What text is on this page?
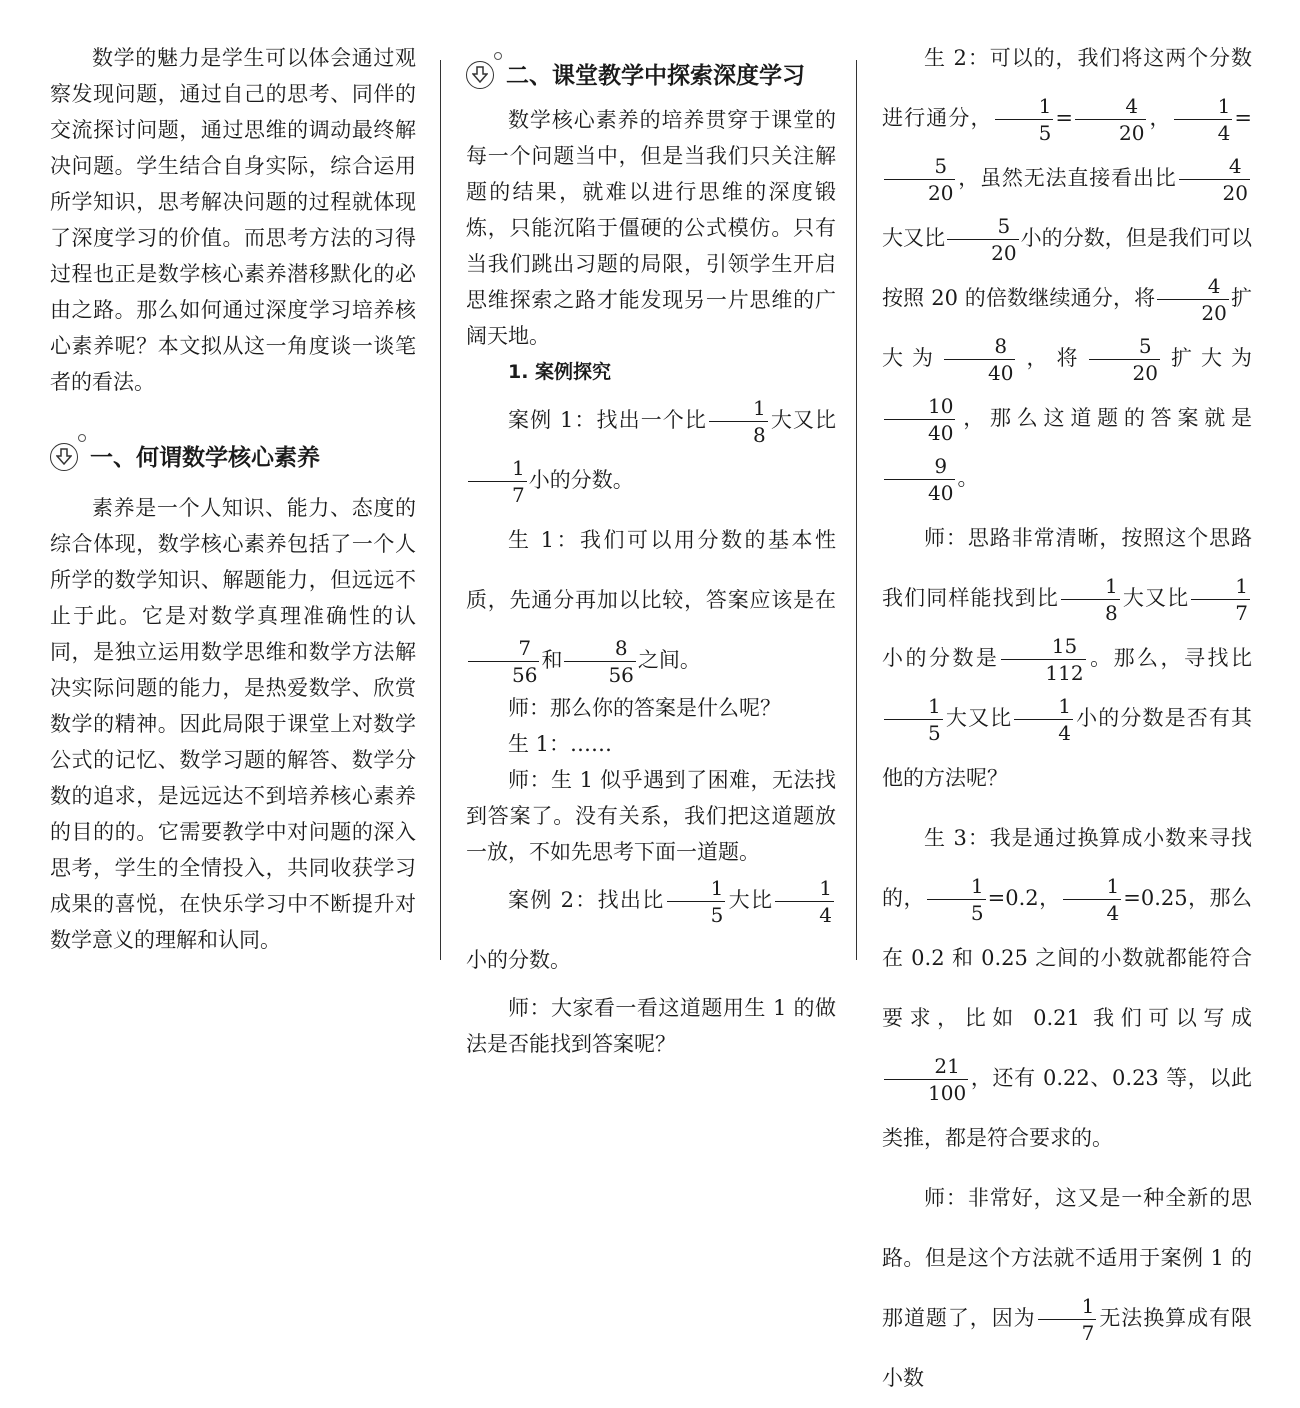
数学的魅力是学生可以体会通过观察发现问题，通过自己的思考、同伴的交流探讨问题，通过思维的调动最终解决问题。学生结合自身实际，综合运用所学知识，思考解决问题的过程就体现了深度学习的价值。而思考方法的习得过程也正是数学核心素养潜移默化的必由之路。那么如何通过深度学习培养核心素养呢？本文拟从这一角度谈一谈笔者的看法。

一、何谓数学核心素养

素养是一个人知识、能力、态度的综合体现，数学核心素养包括了一个人所学的数学知识、解题能力，但远远不止于此。它是对数学真理准确性的认同，是独立运用数学思维和数学方法解决实际问题的能力，是热爱数学、欣赏数学的精神。因此局限于课堂上对数学公式的记忆、数学习题的解答、数学分数的追求，是远远达不到培养核心素养的目的的。它需要教学中对问题的深入思考，学生的全情投入，共同收获学习成果的喜悦，在快乐学习中不断提升对数学意义的理解和认同。

二、课堂教学中探索深度学习

数学核心素养的培养贯穿于课堂的每一个问题当中，但是当我们只关注解题的结果，就难以进行思维的深度锻炼，只能沉陷于僵硬的公式模仿。只有当我们跳出习题的局限，引领学生开启思维探索之路才能发现另一片思维的广阔天地。

1. 案例探究

案例 1：找出一个比 $\frac{1}{8}$ 大又比
$\frac{1}{7}$ 小的分数。

生 1：我们可以用分数的基本性质，先通分再加以比较，答案应该是在
$\frac{7}{56}$ 和 $\frac{8}{56}$ 之间。

师：那么你的答案是什么呢？

生 1：……

师：生 1 似乎遇到了困难，无法找到答案了。没有关系，我们把这道题放一放，不如先思考下面一道题。

案例 2：找出比 $\frac{1}{5}$ 大比 $\frac{1}{4}$
小的分数。

师：大家看一看这道题用生 1 的做法是否能找到答案呢？

生 2：可以的，我们将这两个分数进行通分， $\frac{1}{5} = \frac{4}{20}$ ， $\frac{1}{4}$ =
$\frac{5}{20}$ ，虽然无法直接看出比 $\frac{4}{20}$
大又比 $\frac{5}{20}$ 小的分数，但是我们可以按照 20 的倍数继续通分，将 $\frac{4}{20}$ 扩大为 $\frac{8}{40}$ ，将 $\frac{5}{20}$ 扩大为
$\frac{10}{40}$ ，那么这道题的答案就是
$\frac{9}{40}$ 。

师：思路非常清晰，按照这个思路我们同样能找到比 $\frac{1}{8}$ 大又比 $\frac{1}{7}$
小的分数是 $\frac{15}{112}$ 。那么，寻找比
$\frac{1}{5}$ 大又比 $\frac{1}{4}$ 小的分数是否有其他的方法呢？

生 3：我是通过换算成小数来寻找的， $\frac{1}{5} =0.2$， $\frac{1}{4} =0.25$，那么在 0.2 和 0.25 之间的小数就都能符合要求，比如 0.21 我们可以写成
$\frac{21}{100}$ ，还有 0.22、0.23 等，以此类推，都是符合要求的。

师：非常好，这又是一种全新的思路。但是这个方法就不适用于案例 1 的那道题了，因为 $\frac{1}{7}$ 无法换算成有限小数
